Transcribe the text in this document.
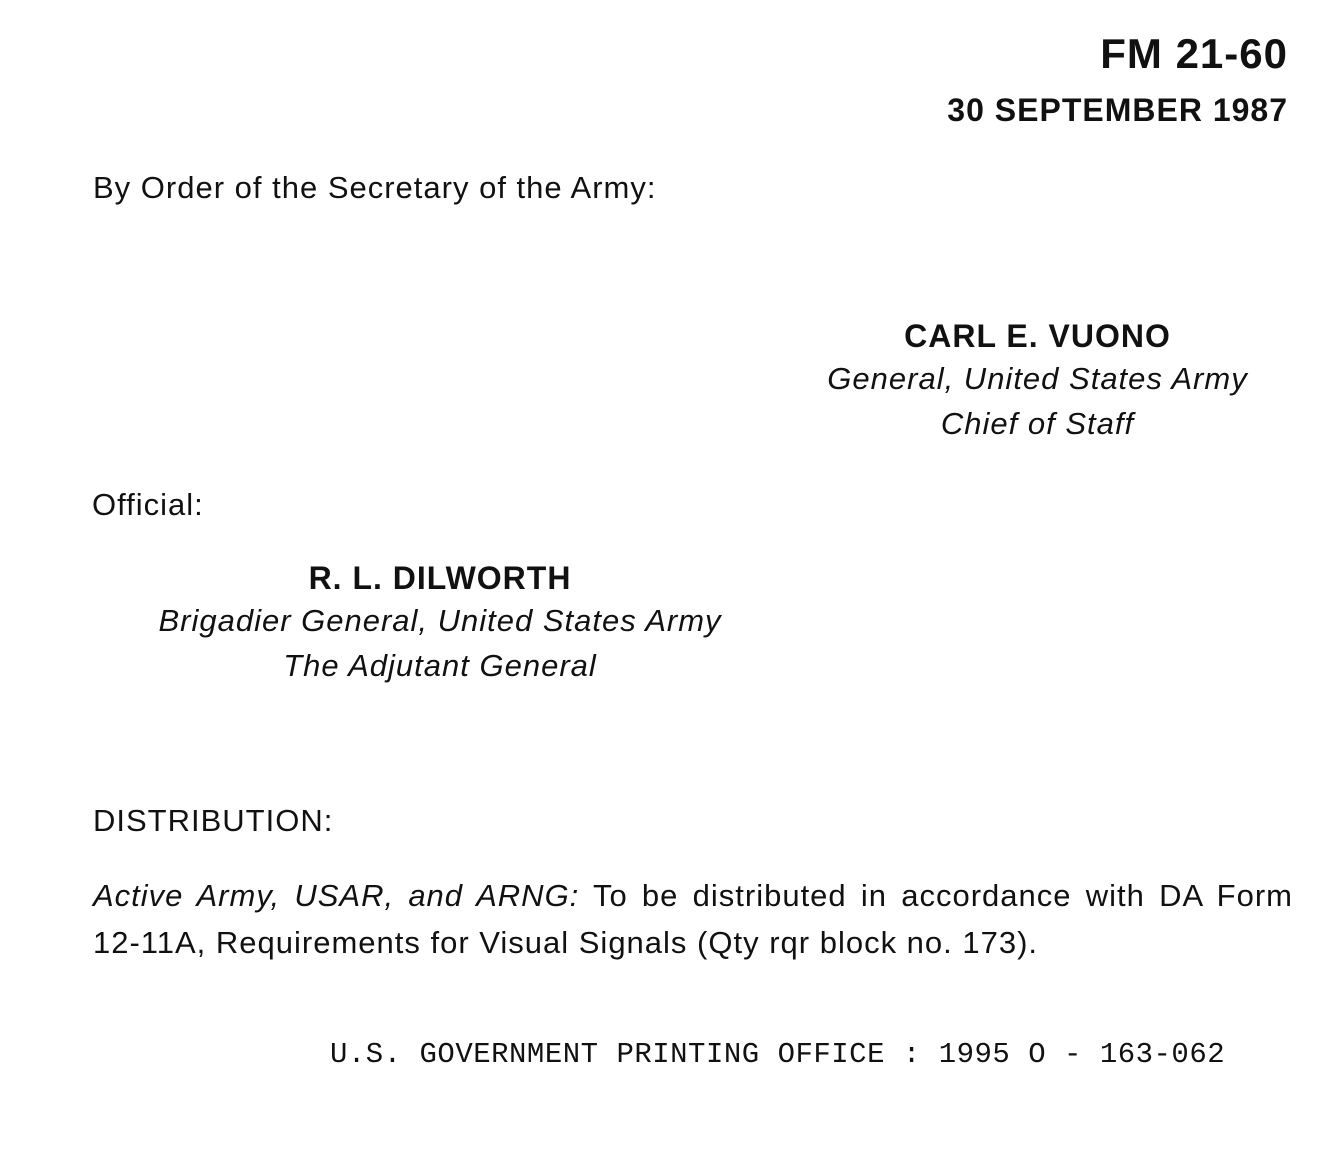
FM 21-60
30 SEPTEMBER 1987
By Order of the Secretary of the Army:
CARL E. VUONO
General, United States Army
Chief of Staff
Official:
R. L. DILWORTH
Brigadier General, United States Army
The Adjutant General
DISTRIBUTION:
Active Army, USAR, and ARNG: To be distributed in accordance with DA Form 12-11A, Requirements for Visual Signals (Qty rqr block no. 173).
U.S. GOVERNMENT PRINTING OFFICE : 1995 O - 163-062
